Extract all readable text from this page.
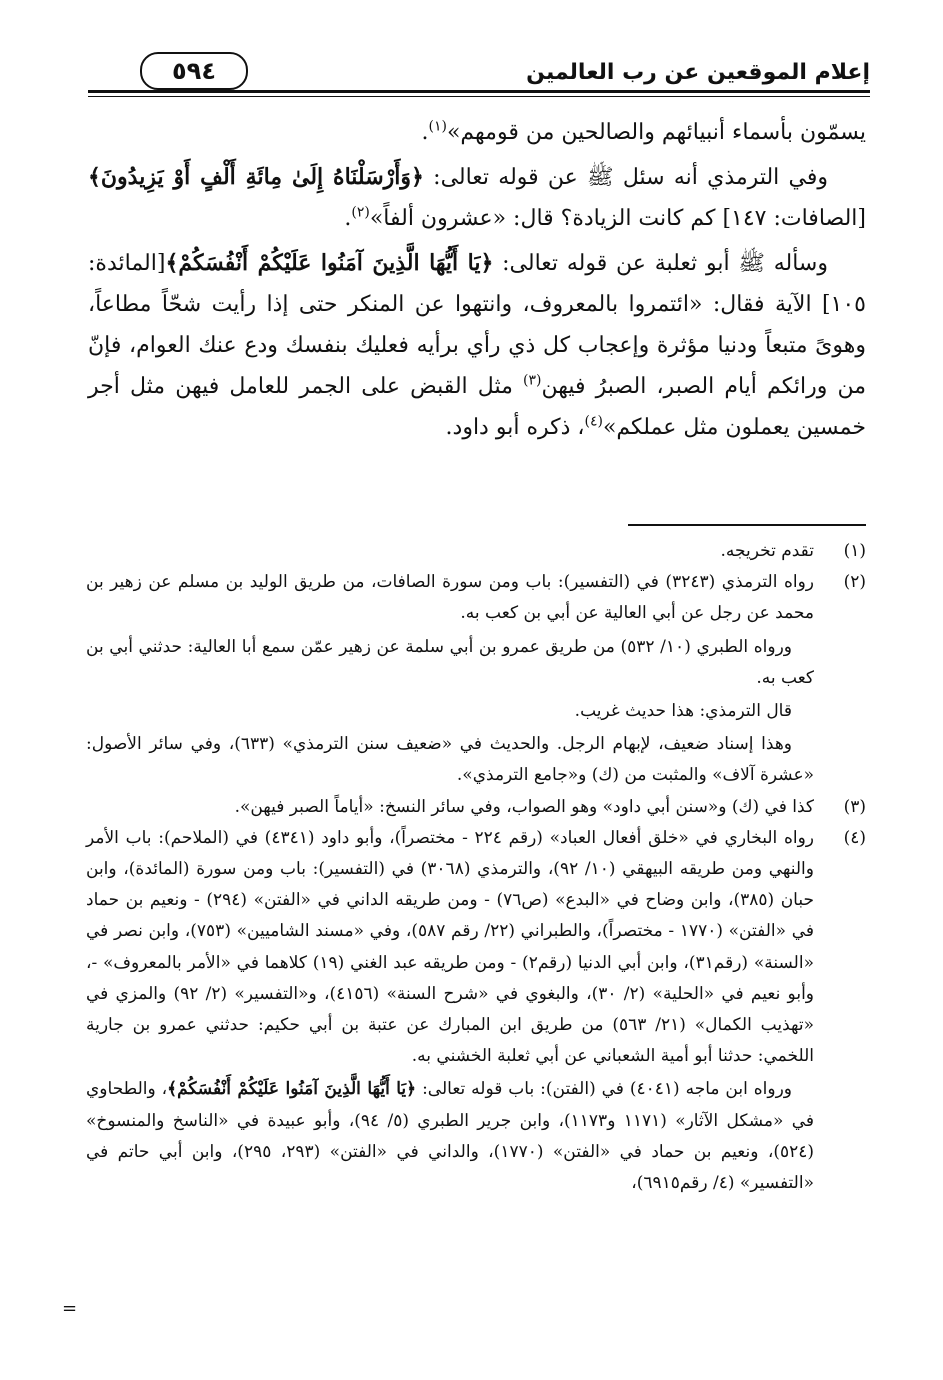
إعلام الموقعين عن رب العالمين
٥٩٤

يسمّون بأسماء أنبيائهم والصالحين من قومهم»$^{(١)}$.

وفي الترمذي أنه سئل ﷺ عن قوله تعالى: ﴿وَأَرْسَلْنَاهُ إِلَىٰ مِائَةِ أَلْفٍ أَوْ يَزِيدُونَ﴾ [الصافات: ١٤٧] كم كانت الزيادة؟ قال: «عشرون ألفاً»$^{(٢)}$.

وسأله ﷺ أبو ثعلبة عن قوله تعالى: ﴿يَا أَيُّهَا الَّذِينَ آمَنُوا عَلَيْكُمْ أَنْفُسَكُمْ﴾[المائدة: ١٠٥] الآية فقال: «ائتمروا بالمعروف، وانتهوا عن المنكر حتى إذا رأيت شحّاً مطاعاً، وهوىً متبعاً ودنيا مؤثرة وإعجاب كل ذي رأي برأيه فعليك بنفسك ودع عنك العوام، فإنّ من ورائكم أيام الصبر، الصبرُ فيهن$^{(٣)}$ مثل القبض على الجمر للعامل فيهن مثل أجر خمسين يعملون مثل عملكم»$^{(٤)}$، ذكره أبو داود.

(١)
تقدم تخريجه.
(٢)
رواه الترمذي (٣٢٤٣) في (التفسير): باب ومن سورة الصافات، من طريق الوليد بن مسلم عن زهير بن محمد عن رجل عن أبي العالية عن أبي بن كعب به.
ورواه الطبري (١٠/ ٥٣٢) من طريق عمرو بن أبي سلمة عن زهير عمّن سمع أبا العالية: حدثني أبي بن كعب به.
قال الترمذي: هذا حديث غريب.
وهذا إسناد ضعيف، لإبهام الرجل. والحديث في «ضعيف سنن الترمذي» (٦٣٣)، وفي سائر الأصول: «عشرة آلاف» والمثبت من (ك) و«جامع الترمذي».
(٣)
كذا في (ك) و«سنن أبي داود» وهو الصواب، وفي سائر النسخ: «أياماً الصبر فيهن».
(٤)
رواه البخاري في «خلق أفعال العباد» (رقم ٢٢٤ - مختصراً)، وأبو داود (٤٣٤١) في (الملاحم): باب الأمر والنهي ومن طريقه البيهقي (١٠/ ٩٢)، والترمذي (٣٠٦٨) في (التفسير): باب ومن سورة (المائدة)، وابن حبان (٣٨٥)، وابن وضاح في «البدع» (ص٧٦) - ومن طريقه الداني في «الفتن» (٢٩٤) - ونعيم بن حماد في «الفتن» (١٧٧٠ - مختصراً)، والطبراني (٢٢/ رقم ٥٨٧)، وفي «مسند الشاميين» (٧٥٣)، وابن نصر في «السنة» (رقم٣١)، وابن أبي الدنيا (رقم٢) - ومن طريقه عبد الغني (١٩) كلاهما في «الأمر بالمعروف» -، وأبو نعيم في «الحلية» (٢/ ٣٠)، والبغوي في «شرح السنة» (٤١٥٦)، و«التفسير» (٢/ ٩٢) والمزي في «تهذيب الكمال» (٢١/ ٥٦٣) من طريق ابن المبارك عن عتبة بن أبي حكيم: حدثني عمرو بن جارية اللخمي: حدثنا أبو أمية الشعباني عن أبي ثعلبة الخشني به.
ورواه ابن ماجه (٤٠٤١) في (الفتن): باب قوله تعالى: ﴿يَا أَيُّهَا الَّذِينَ آمَنُوا عَلَيْكُمْ أَنْفُسَكُمْ﴾، والطحاوي في «مشكل الآثار» (١١٧١ و١١٧٣)، وابن جرير الطبري (٥/ ٩٤)، وأبو عبيدة في «الناسخ والمنسوخ» (٥٢٤)، ونعيم بن حماد في «الفتن» (١٧٧٠)، والداني في «الفتن» (٢٩٣، ٢٩٥)، وابن أبي حاتم في «التفسير» (٤/ رقم٦٩١٥)،
=
